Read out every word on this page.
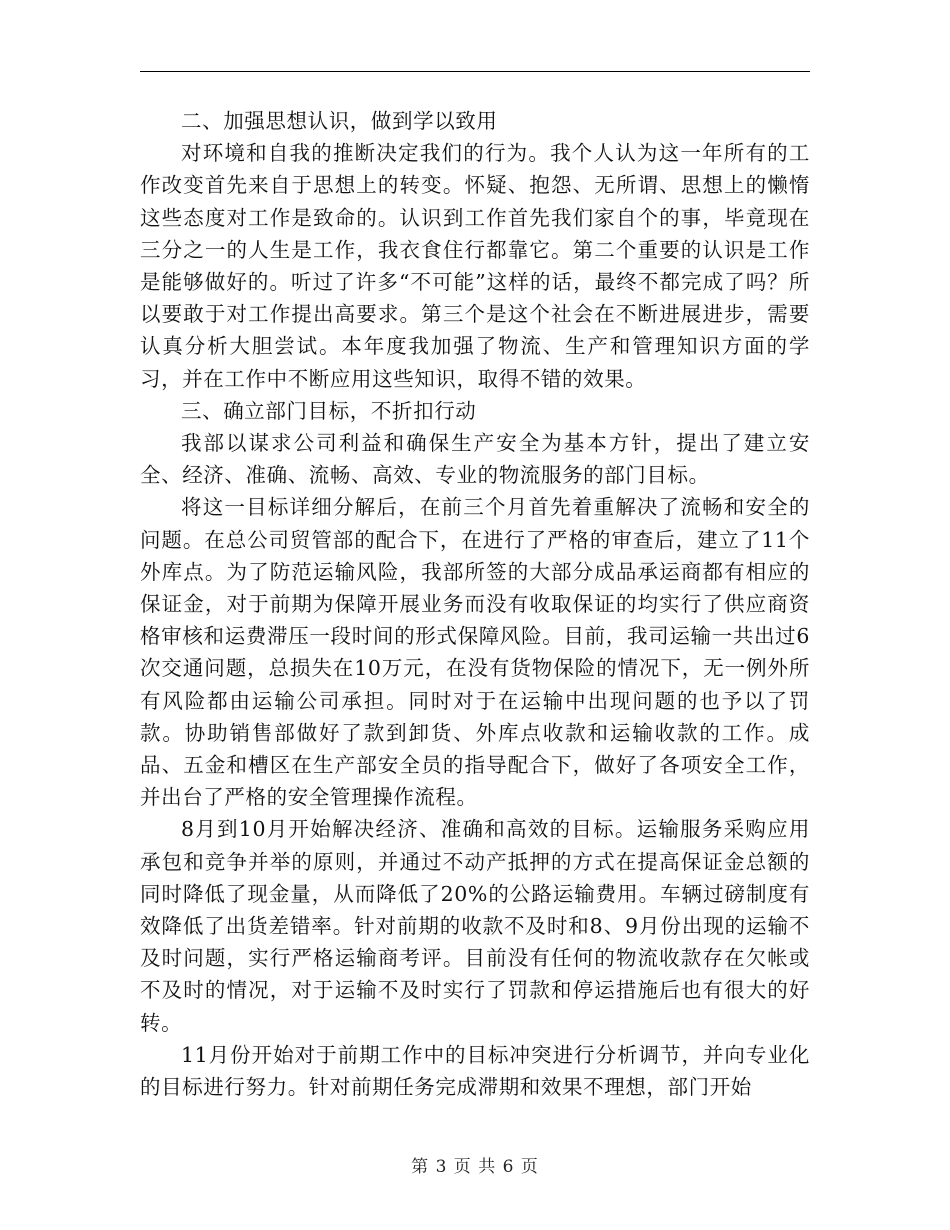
二、加强思想认识，做到学以致用

对环境和自我的推断决定我们的行为。我个人认为这一年所有的工作改变首先来自于思想上的转变。怀疑、抱怨、无所谓、思想上的懒惰这些态度对工作是致命的。认识到工作首先我们家自个的事，毕竟现在三分之一的人生是工作，我衣食住行都靠它。第二个重要的认识是工作是能够做好的。听过了许多“不可能”这样的话，最终不都完成了吗？所以要敢于对工作提出高要求。第三个是这个社会在不断进展进步，需要认真分析大胆尝试。本年度我加强了物流、生产和管理知识方面的学习，并在工作中不断应用这些知识，取得不错的效果。

三、确立部门目标，不折扣行动

我部以谋求公司利益和确保生产安全为基本方针，提出了建立安全、经济、准确、流畅、高效、专业的物流服务的部门目标。

将这一目标详细分解后，在前三个月首先着重解决了流畅和安全的问题。在总公司贸管部的配合下，在进行了严格的审查后，建立了11个外库点。为了防范运输风险，我部所签的大部分成品承运商都有相应的保证金，对于前期为保障开展业务而没有收取保证的均实行了供应商资格审核和运费滞压一段时间的形式保障风险。目前，我司运输一共出过6次交通问题，总损失在10万元，在没有货物保险的情况下，无一例外所有风险都由运输公司承担。同时对于在运输中出现问题的也予以了罚款。协助销售部做好了款到卸货、外库点收款和运输收款的工作。成品、五金和槽区在生产部安全员的指导配合下，做好了各项安全工作，并出台了严格的安全管理操作流程。

8月到10月开始解决经济、准确和高效的目标。运输服务采购应用承包和竞争并举的原则，并通过不动产抵押的方式在提高保证金总额的同时降低了现金量，从而降低了20%的公路运输费用。车辆过磅制度有效降低了出货差错率。针对前期的收款不及时和8、9月份出现的运输不及时问题，实行严格运输商考评。目前没有任何的物流收款存在欠帐或不及时的情况，对于运输不及时实行了罚款和停运措施后也有很大的好转。

11月份开始对于前期工作中的目标冲突进行分析调节，并向专业化的目标进行努力。针对前期任务完成滞期和效果不理想，部门开始

第 3 页 共 6 页
